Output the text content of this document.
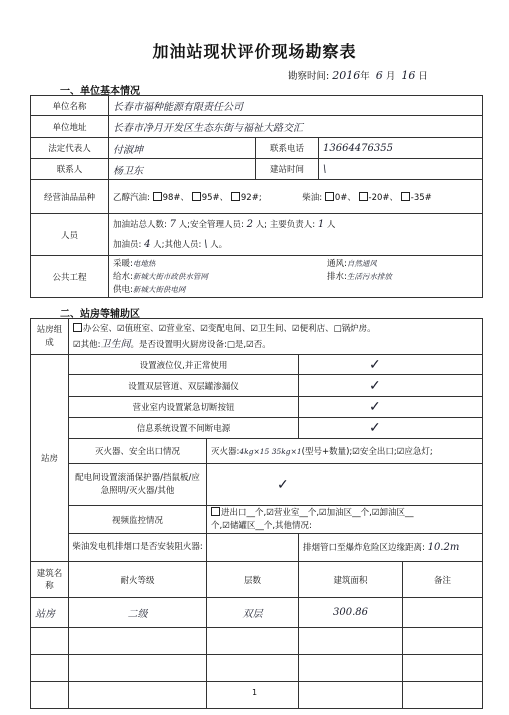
加油站现状评价现场勘察表
勘察时间: 2016年 6 月 16 日
一、单位基本情况
单位名称	长春市福种能源有限责任公司		
单位地址	长春市净月开发区生态东街与福祉大路交汇		
法定代表人	付淑坤	联系电话	13664476355
联系人	杨卫东	建站时间	\
经营油品品种	乙醇汽油: 98#、 95#、 92#; 柴油: 0#、 -20#、 -35#		
人员	加油站总人数: 7 人;安全管理人员: 2 人; 主要负责人: 1 人
加油员: 4 人;其他人员: \ 人。		

公共工程	采暖:电地热 通风:自然通风
给水:新城大街市政供水管网 排水:生活污水排放
供电:新城大街供电网		
二、站房等辅助区
站房组成	办公室、☑值班室、☑营业室、☑变配电间、☑卫生间、☑便利店、□锅炉房。
☑其他:卫生间。是否设置明火厨房设备:□是,☑否。			

站房	设置液位仪,并正常使用		✓	
	设置双层管道、双层罐渗漏仪		✓	
	营业室内设置紧急切断按钮		✓	
	信息系统设置不间断电源		✓	
	灭火器、安全出口情况	灭火器:4kg×15 35kg×1(型号+数量);☑安全出口;☑应急灯;		
	配电间设置滚涌保护器/挡鼠板/应急照明/灭火器/其他	✓		
	视频监控情况	进出口__个,☑营业室__个,☑加油区__个,☑卸油区__
个,☑储罐区__个,其他情况:		

	柴油发电机排烟口是否安装阻火器:		排烟管口至爆炸危险区边缘距离: 10.2m	
建筑名称	耐火等级	层数	建筑面积	备注
站房	二级	双层	300.86	

1
